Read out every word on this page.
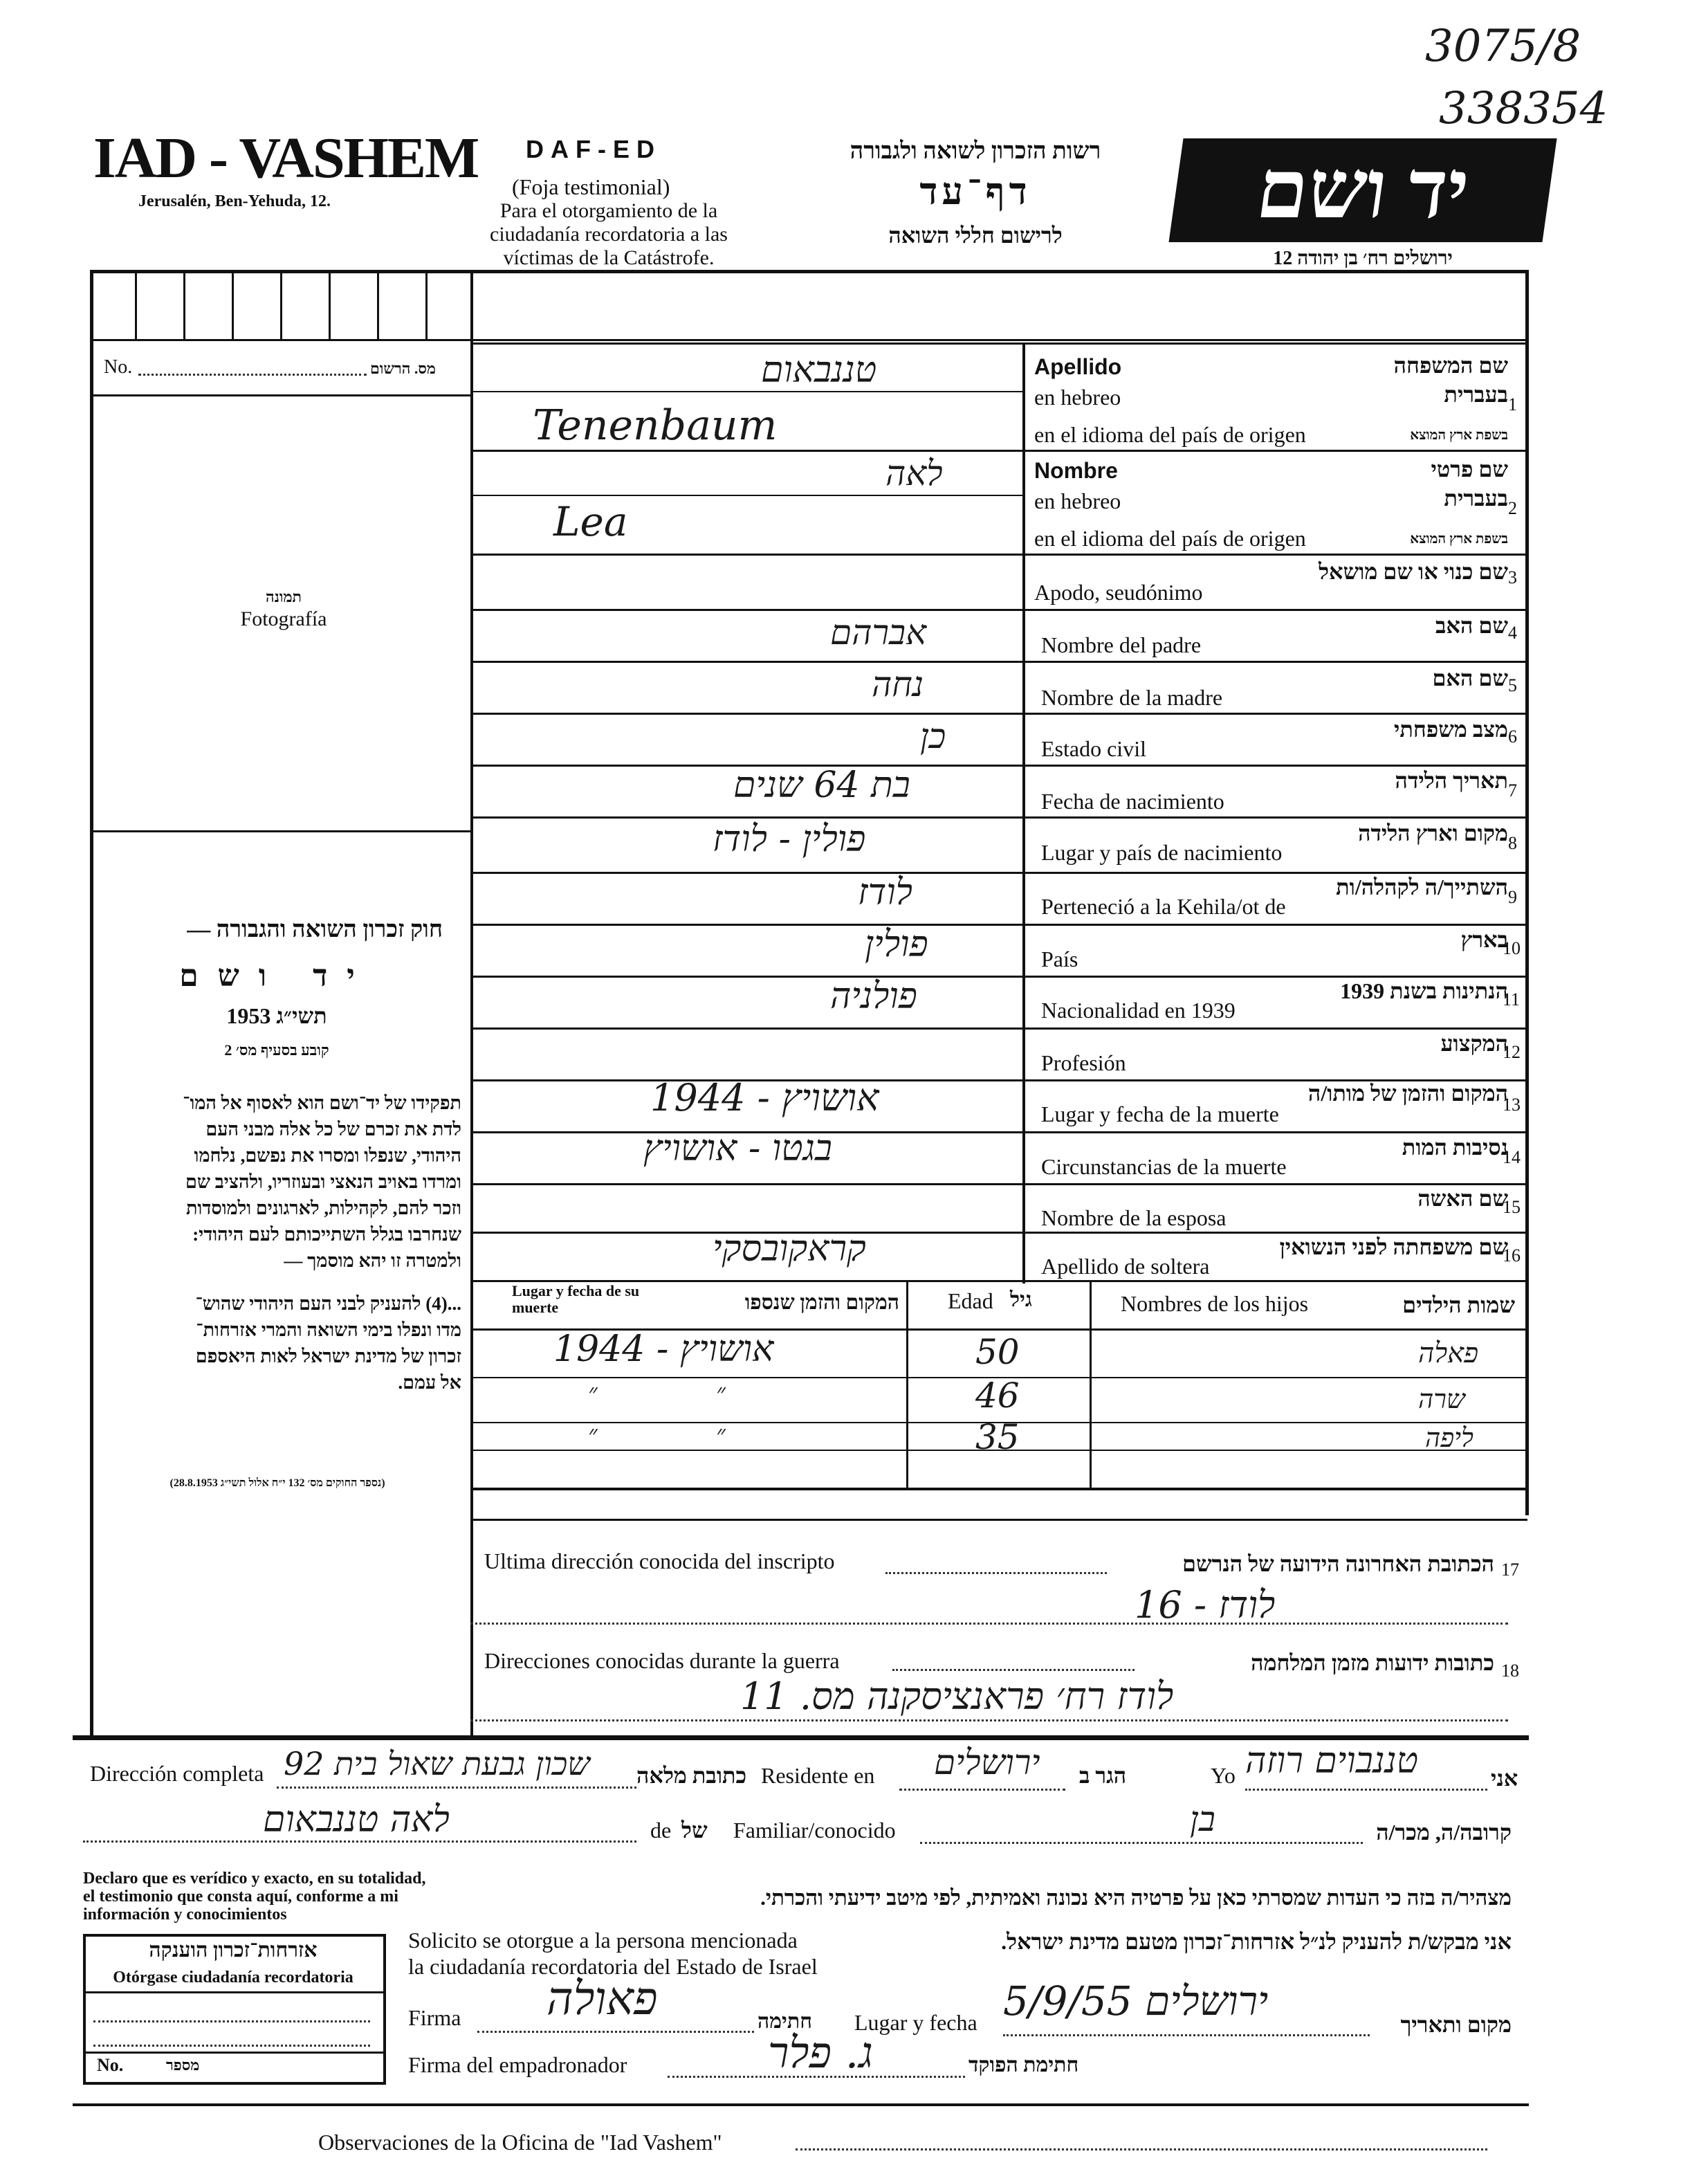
3075/8
338354
IAD - VASHEM
Jerusalén, Ben-Yehuda, 12.
DAF-ED
(Foja testimonial)
Para el otorgamiento de la
ciudadanía recordatoria a las
víctimas de la Catástrofe.
רשות הזכרון לשואה ולגבורה
דף־עד
לרישום חללי השואה	יד ושם
ירושלים רח׳ בן יהודה 12
No.	מס. הרשום
תמונה
Fotografía
חוק זכרון השואה והגבורה —
יד ושם
1953 תשי״ג
קובע בסעיף מס׳ 2
תפקידו של יד־ושם הוא לאסוף אל המו־
לדת את זכרם של כל אלה מבני העם
היהודי, שנפלו ומסרו את נפשם, נלחמו
ומרדו באויב הנאצי ובעוזריו, ולהציב שם
וזכר להם, לקהילות, לארגונים ולמוסדות
שנחרבו בגלל השתייכותם לעם היהודי:
ולמטרה זו יהא מוסמך —
...(4) להעניק לבני העם היהודי שהוש־
מדו ונפלו בימי השואה והמרי אזרחות־
זכרון של מדינת ישראל לאות היאספם
אל עמם.
(נספר החוקים מס׳ 132 י״ח אלול תשי״ג 28.8.1953)
Apellido
en hebreo
en el idioma del país de origen
שם המשפחה
בעברית
בשפת ארץ המוצא
1
טננבאום
Tenenbaum
Nombre
en hebreo
en el idioma del país de origen
שם פרטי
בעברית
בשפת ארץ המוצא
2
לאה
Lea
Apodo, seudónimo
שם כנוי או שם מושאל 3
Nombre del padre
שם האב 4
אברהם
Nombre de la madre
שם האם 5
נחה
Estado civil
מצב משפחתי 6
כן
Fecha de nacimiento
תאריך הלידה 7
בת 64 שנים
Lugar y país de nacimiento
מקום וארץ הלידה 8
פולין - לודז
Perteneció a la Kehila/ot de
השתייך/ה לקהלה/ות 9
לודז
País
בארץ
10
פולין
Nacionalidad en 1939
הנתינות בשנת 1939
11
פולניה
Profesión
המקצוע
12
Lugar y fecha de la muerte
המקום והזמן של מותו/ה
13
אושויץ - 1944
Circunstancias de la muerte
נסיבות המות
14
בגטו - אושויץ
Nombre de la esposa
שם האשה
15
Apellido de soltera
שם משפחתה לפני הנשואין
16
קראקובסקי
Lugar y fecha de su muerte	המקום והזמן שנספו Edad גיל	Nombres de los hijos	שמות הילדים
אושויץ - 1944	50	פאלה
״ ״	46	שרה
״ ״	35	ליפה
Ultima dirección conocida del inscripto	הכתובת האחרונה הידועה של הנרשם 17
לודז - 16
Direcciones conocidas durante la guerra	כתובות ידועות מזמן המלחמה 18
לודז רח׳ פראנציסקנה מס. 11
Dirección completa שכון גבעת שאול בית 92 כתובת מלאה Residente en ירושלים הגר ב	Yo טננבוים רוזה	אני
לאה טננבאום	de של Familiar/conocido	בן	קרובה/ה, מכר/ה
Declaro que es verídico y exacto, en su totalidad,
el testimonio que consta aquí, conforme a mi
información y conocimientos
מצהיר/ה בזה כי העדות שמסרתי כאן על פרטיה היא נכונה ואמיתית, לפי מיטב ידיעתי והכרתי.
אזרחות־זכרון הוענקה
Otórgase ciudadanía recordatoria
No.	מספר
Solicito se otorgue a la persona mencionada
la ciudadanía recordatoria del Estado de Israel
אני מבקש/ת להעניק לנ״ל אזרחות־זכרון מטעם מדינת ישראל.
Firma פאולה	חתימה Lugar y fecha ירושלים 5/9/55	מקום ותאריך
Firma del empadronador	ג. פלר	חתימת הפוקד
Observaciones de la Oficina de "Iad Vashem"
